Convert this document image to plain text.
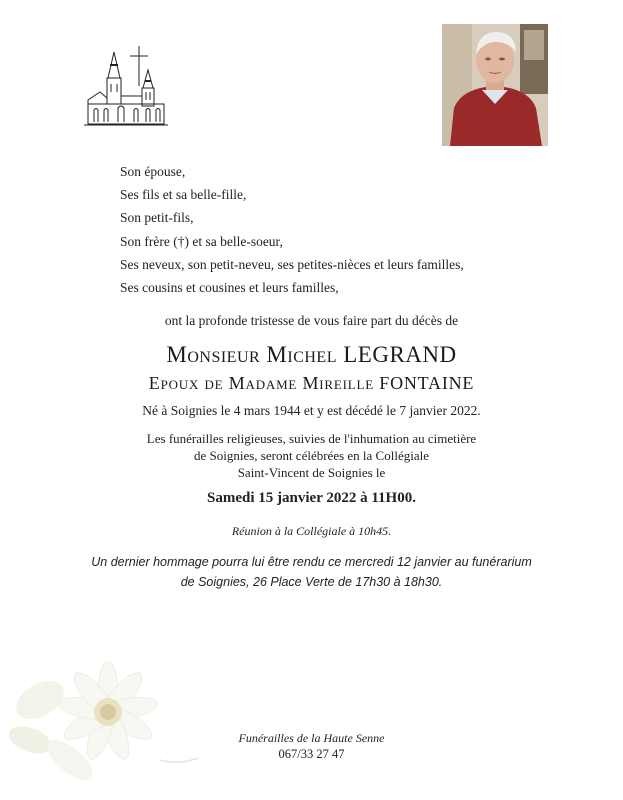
Son épouse,
Ses fils et sa belle-fille,
Son petit-fils,
Son frère (†) et sa belle-soeur,
Ses neveux, son petit-neveu, ses petites-nièces et leurs familles,
Ses cousins et cousines et leurs familles,
ont la profonde tristesse de vous faire part du décès de
Monsieur Michel LEGRAND
Epoux de Madame Mireille FONTAINE
Né à Soignies le 4 mars 1944 et y est décédé le 7 janvier 2022.
Les funérailles religieuses, suivies de l'inhumation au cimetière
de Soignies, seront célébrées en la Collégiale
Saint-Vincent de Soignies le
Samedi 15 janvier 2022 à 11H00.
Réunion à la Collégiale à 10h45.
Un dernier hommage pourra lui être rendu ce mercredi 12 janvier au funérarium
de Soignies, 26 Place Verte de 17h30 à 18h30.
Funérailles de la Haute Senne
067/33 27 47
